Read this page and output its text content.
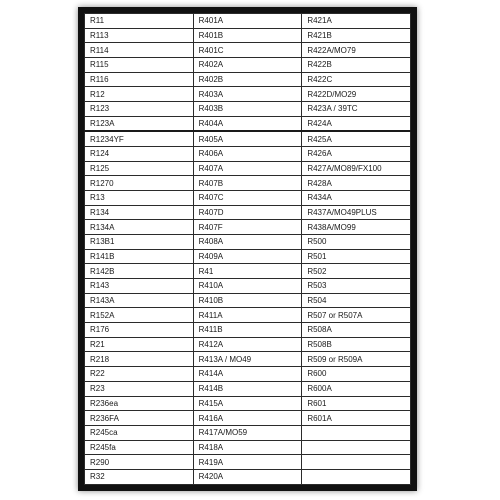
R11	R401A	R421A
R113	R401B	R421B
R114	R401C	R422A/MO79
R115	R402A	R422B
R116	R402B	R422C
R12	R403A	R422D/MO29
R123	R403B	R423A / 39TC
R123A	R404A	R424A
R1234YF	R405A	R425A
R124	R406A	R426A
R125	R407A	R427A/MO89/FX100
R1270	R407B	R428A
R13	R407C	R434A
R134	R407D	R437A/MO49PLUS
R134A	R407F	R438A/MO99
R13B1	R408A	R500
R141B	R409A	R501
R142B	R41	R502
R143	R410A	R503
R143A	R410B	R504
R152A	R411A	R507 or R507A
R176	R411B	R508A
R21	R412A	R508B
R218	R413A / MO49	R509 or R509A
R22	R414A	R600
R23	R414B	R600A
R236ea	R415A	R601
R236FA	R416A	R601A
R245ca	R417A/MO59	
R245fa	R418A	
R290	R419A	
R32	R420A	
